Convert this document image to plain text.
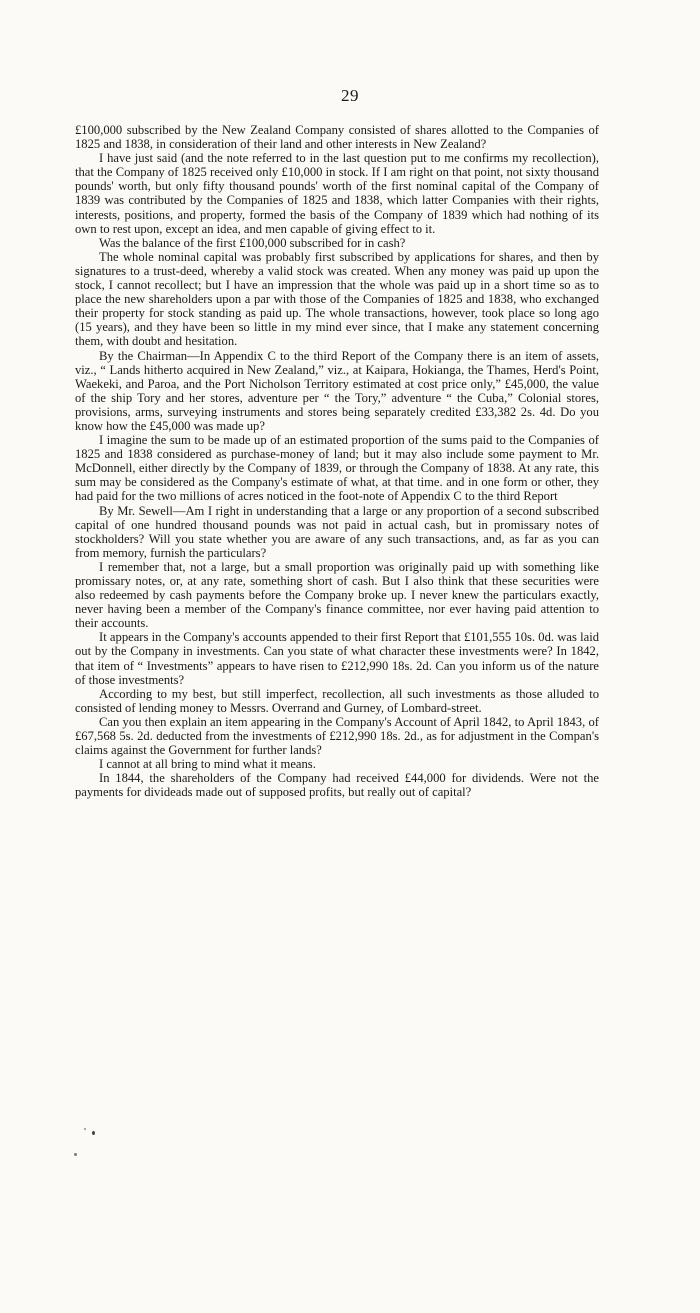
29

£100,000 subscribed by the New Zealand Company consisted of shares allotted to the Companies of 1825 and 1838, in consideration of their land and other interests in New Zealand?

I have just said (and the note referred to in the last question put to me confirms my recollection), that the Company of 1825 received only £10,000 in stock. If I am right on that point, not sixty thousand pounds' worth, but only fifty thousand pounds' worth of the first nominal capital of the Company of 1839 was contributed by the Companies of 1825 and 1838, which latter Companies with their rights, interests, positions, and property, formed the basis of the Company of 1839 which had nothing of its own to rest upon, except an idea, and men capable of giving effect to it.

Was the balance of the first £100,000 subscribed for in cash?

The whole nominal capital was probably first subscribed by applications for shares, and then by signatures to a trust-deed, whereby a valid stock was created. When any money was paid up upon the stock, I cannot recollect; but I have an impression that the whole was paid up in a short time so as to place the new shareholders upon a par with those of the Companies of 1825 and 1838, who exchanged their property for stock standing as paid up. The whole transactions, however, took place so long ago (15 years), and they have been so little in my mind ever since, that I make any statement concerning them, with doubt and hesitation.

By the Chairman—In Appendix C to the third Report of the Company there is an item of assets, viz., “ Lands hitherto acquired in New Zealand,” viz., at Kaipara, Hokianga, the Thames, Herd's Point, Waekeki, and Paroa, and the Port Nicholson Territory estimated at cost price only,” £45,000, the value of the ship Tory and her stores, adventure per “ the Tory,” adventure “ the Cuba,” Colonial stores, provisions, arms, surveying instruments and stores being separately credited £33,382 2s. 4d. Do you know how the £45,000 was made up?

I imagine the sum to be made up of an estimated proportion of the sums paid to the Companies of 1825 and 1838 considered as purchase-money of land; but it may also include some payment to Mr. McDonnell, either directly by the Company of 1839, or through the Company of 1838. At any rate, this sum may be considered as the Company's estimate of what, at that time. and in one form or other, they had paid for the two millions of acres noticed in the foot-note of Appendix C to the third Report

By Mr. Sewell—Am I right in understanding that a large or any proportion of a second subscribed capital of one hundred thousand pounds was not paid in actual cash, but in promissary notes of stockholders? Will you state whether you are aware of any such transactions, and, as far as you can from memory, furnish the particulars?

I remember that, not a large, but a small proportion was originally paid up with something like promissary notes, or, at any rate, something short of cash. But I also think that these securities were also redeemed by cash payments before the Company broke up. I never knew the particulars exactly, never having been a member of the Company's finance committee, nor ever having paid attention to their accounts.

It appears in the Company's accounts appended to their first Report that £101,555 10s. 0d. was laid out by the Company in investments. Can you state of what character these investments were? In 1842, that item of “ Investments” appears to have risen to £212,990 18s. 2d. Can you inform us of the nature of those investments?

According to my best, but still imperfect, recollection, all such investments as those alluded to consisted of lending money to Messrs. Overrand and Gurney, of Lombard-street.

Can you then explain an item appearing in the Company's Account of April 1842, to April 1843, of £67,568 5s. 2d. deducted from the investments of £212,990 18s. 2d., as for adjustment in the Compan's claims against the Government for further lands?

I cannot at all bring to mind what it means.

In 1844, the shareholders of the Company had received £44,000 for dividends. Were not the payments for divideads made out of supposed profits, but really out of capital?
